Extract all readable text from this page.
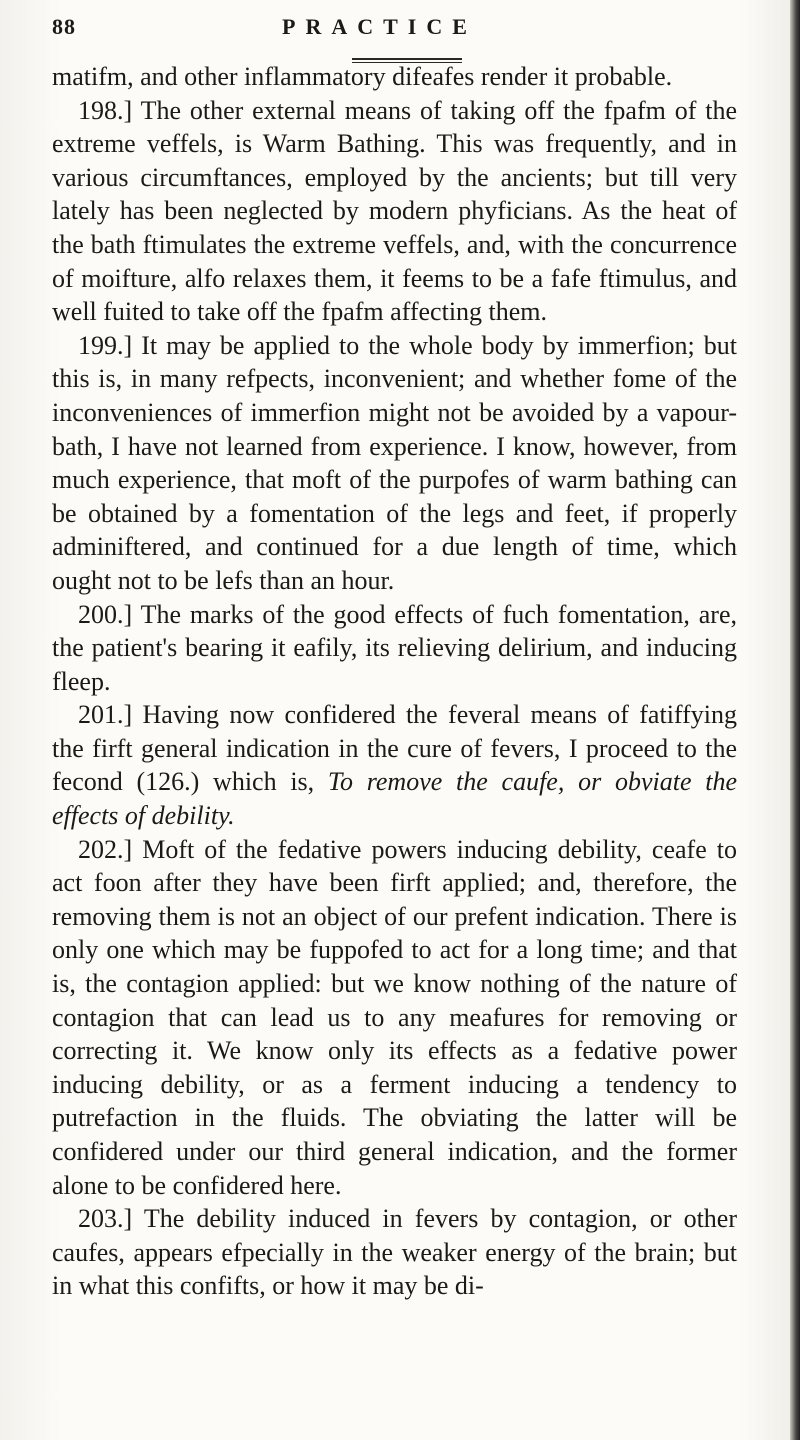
88	PRACTICE

matifm, and other inflammatory difeafes render it probable.

198.] The other external means of taking off the fpafm of the extreme veffels, is Warm Bathing. This was frequently, and in various circumftances, employed by the ancients; but till very lately has been neglected by modern phyficians. As the heat of the bath ftimulates the extreme veffels, and, with the concurrence of moifture, alfo relaxes them, it feems to be a fafe ftimulus, and well fuited to take off the fpafm affecting them.

199.] It may be applied to the whole body by immerfion; but this is, in many refpects, inconvenient; and whether fome of the inconveniences of immerfion might not be avoided by a vapour-bath, I have not learned from experience. I know, however, from much experience, that moft of the purpofes of warm bathing can be obtained by a fomentation of the legs and feet, if properly adminiftered, and continued for a due length of time, which ought not to be lefs than an hour.

200.] The marks of the good effects of fuch fomentation, are, the patient's bearing it eafily, its relieving delirium, and inducing fleep.

201.] Having now confidered the feveral means of fatiffying the firft general indication in the cure of fevers, I proceed to the fecond (126.) which is, To remove the caufe, or obviate the effects of debility.

202.] Moft of the fedative powers inducing debility, ceafe to act foon after they have been firft applied; and, therefore, the removing them is not an object of our prefent indication. There is only one which may be fuppofed to act for a long time; and that is, the contagion applied: but we know nothing of the nature of contagion that can lead us to any meafures for removing or correcting it. We know only its effects as a fedative power inducing debility, or as a ferment inducing a tendency to putrefaction in the fluids. The obviating the latter will be confidered under our third general indication, and the former alone to be confidered here.

203.] The debility induced in fevers by contagion, or other caufes, appears efpecially in the weaker energy of the brain; but in what this confifts, or how it may be di-
